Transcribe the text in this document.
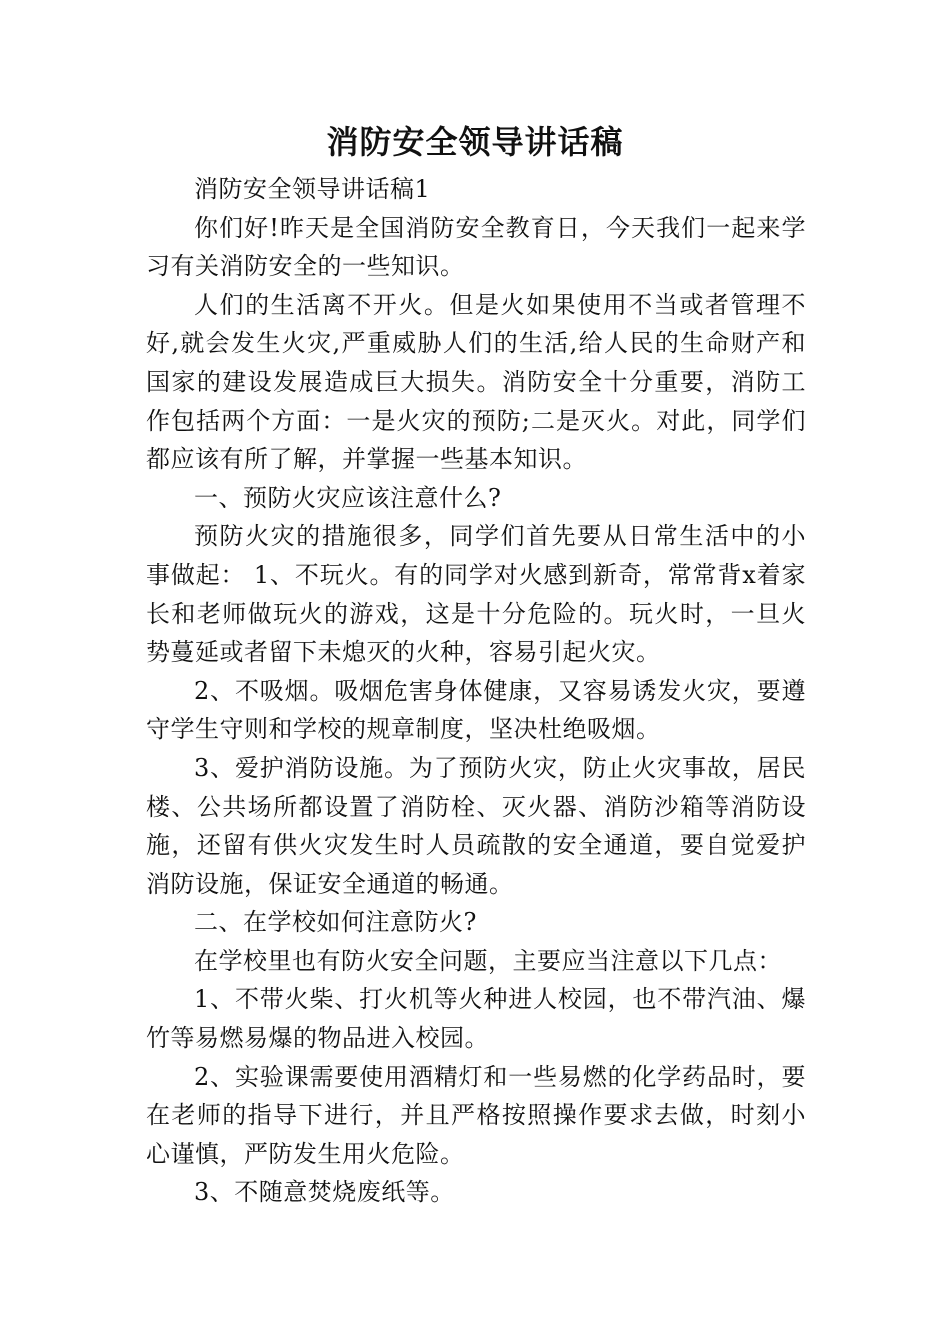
消防安全领导讲话稿

消防安全领导讲话稿1

你们好!昨天是全国消防安全教育日，今天我们一起来学习有关消防安全的一些知识。

人们的生活离不开火。但是火如果使用不当或者管理不好,就会发生火灾,严重威胁人们的生活,给人民的生命财产和国家的建设发展造成巨大损失。消防安全十分重要，消防工作包括两个方面：一是火灾的预防;二是灭火。对此，同学们都应该有所了解，并掌握一些基本知识。

一、预防火灾应该注意什么?

预防火灾的措施很多，同学们首先要从日常生活中的小事做起： 1、不玩火。有的同学对火感到新奇，常常背x着家长和老师做玩火的游戏，这是十分危险的。玩火时，一旦火势蔓延或者留下未熄灭的火种，容易引起火灾。

2、不吸烟。吸烟危害身体健康，又容易诱发火灾，要遵守学生守则和学校的规章制度，坚决杜绝吸烟。

3、爱护消防设施。为了预防火灾，防止火灾事故，居民楼、公共场所都设置了消防栓、灭火器、消防沙箱等消防设施，还留有供火灾发生时人员疏散的安全通道，要自觉爱护消防设施，保证安全通道的畅通。

二、在学校如何注意防火?

在学校里也有防火安全问题，主要应当注意以下几点：

1、不带火柴、打火机等火种进人校园，也不带汽油、爆竹等易燃易爆的物品进入校园。

2、实验课需要使用酒精灯和一些易燃的化学药品时，要在老师的指导下进行，并且严格按照操作要求去做，时刻小心谨慎，严防发生用火危险。

3、不随意焚烧废纸等。
